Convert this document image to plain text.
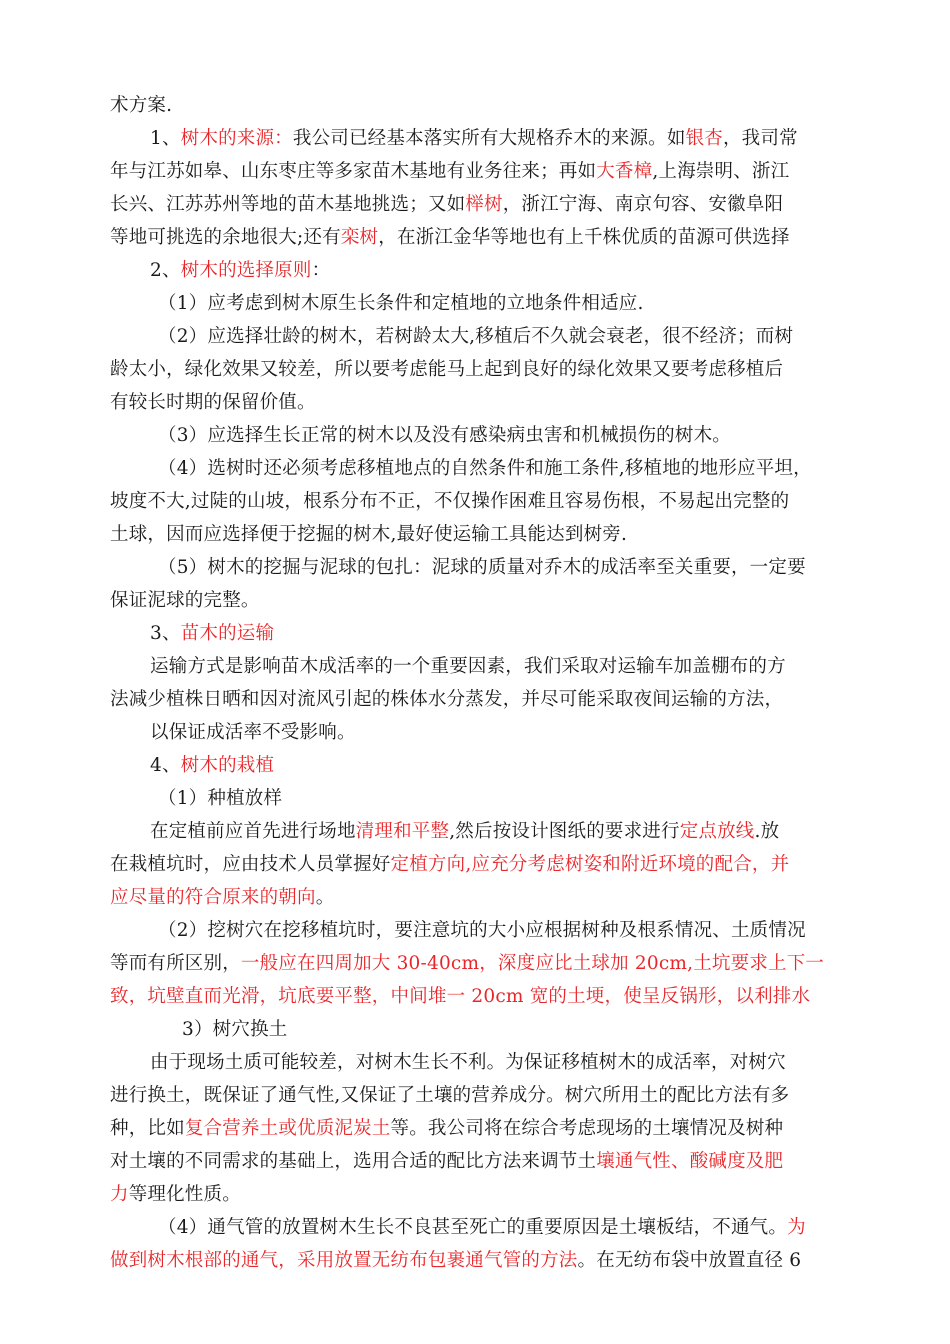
术方案.
1、树木的来源：我公司已经基本落实所有大规格乔木的来源。如银杏，我司常
年与江苏如皋、山东枣庄等多家苗木基地有业务往来；再如大香樟,上海崇明、浙江
长兴、江苏苏州等地的苗木基地挑选；又如榉树，浙江宁海、南京句容、安徽阜阳
等地可挑选的余地很大;还有栾树，在浙江金华等地也有上千株优质的苗源可供选择
2、树木的选择原则：
（1）应考虑到树木原生长条件和定植地的立地条件相适应.
（2）应选择壮龄的树木，若树龄太大,移植后不久就会衰老，很不经济；而树
龄太小，绿化效果又较差，所以要考虑能马上起到良好的绿化效果又要考虑移植后
有较长时期的保留价值。
（3）应选择生长正常的树木以及没有感染病虫害和机械损伤的树木。
（4）选树时还必须考虑移植地点的自然条件和施工条件,移植地的地形应平坦，
坡度不大,过陡的山坡，根系分布不正，不仅操作困难且容易伤根，不易起出完整的
土球，因而应选择便于挖掘的树木,最好使运输工具能达到树旁.
（5）树木的挖掘与泥球的包扎：泥球的质量对乔木的成活率至关重要，一定要
保证泥球的完整。
3、苗木的运输
运输方式是影响苗木成活率的一个重要因素，我们采取对运输车加盖棚布的方
法减少植株日晒和因对流风引起的株体水分蒸发，并尽可能采取夜间运输的方法，
以保证成活率不受影响。
4、树木的栽植
（1）种植放样
在定植前应首先进行场地清理和平整,然后按设计图纸的要求进行定点放线.放
在栽植坑时，应由技术人员掌握好定植方向,应充分考虑树姿和附近环境的配合，并
应尽量的符合原来的朝向。
（2）挖树穴在挖移植坑时，要注意坑的大小应根据树种及根系情况、土质情况
等而有所区别，一般应在四周加大 30-40cm，深度应比土球加 20cm,土坑要求上下一
致，坑壁直而光滑，坑底要平整，中间堆一 20cm 宽的土埂，使呈反锅形，以利排水
3）树穴换土
由于现场土质可能较差，对树木生长不利。为保证移植树木的成活率，对树穴
进行换土，既保证了通气性,又保证了土壤的营养成分。树穴所用土的配比方法有多
种，比如复合营养土或优质泥炭土等。我公司将在综合考虑现场的土壤情况及树种
对土壤的不同需求的基础上，选用合适的配比方法来调节土壤通气性、酸碱度及肥
力等理化性质。
（4）通气管的放置树木生长不良甚至死亡的重要原因是土壤板结，不通气。为
做到树木根部的通气，采用放置无纺布包裹通气管的方法。在无纺布袋中放置直径 6
